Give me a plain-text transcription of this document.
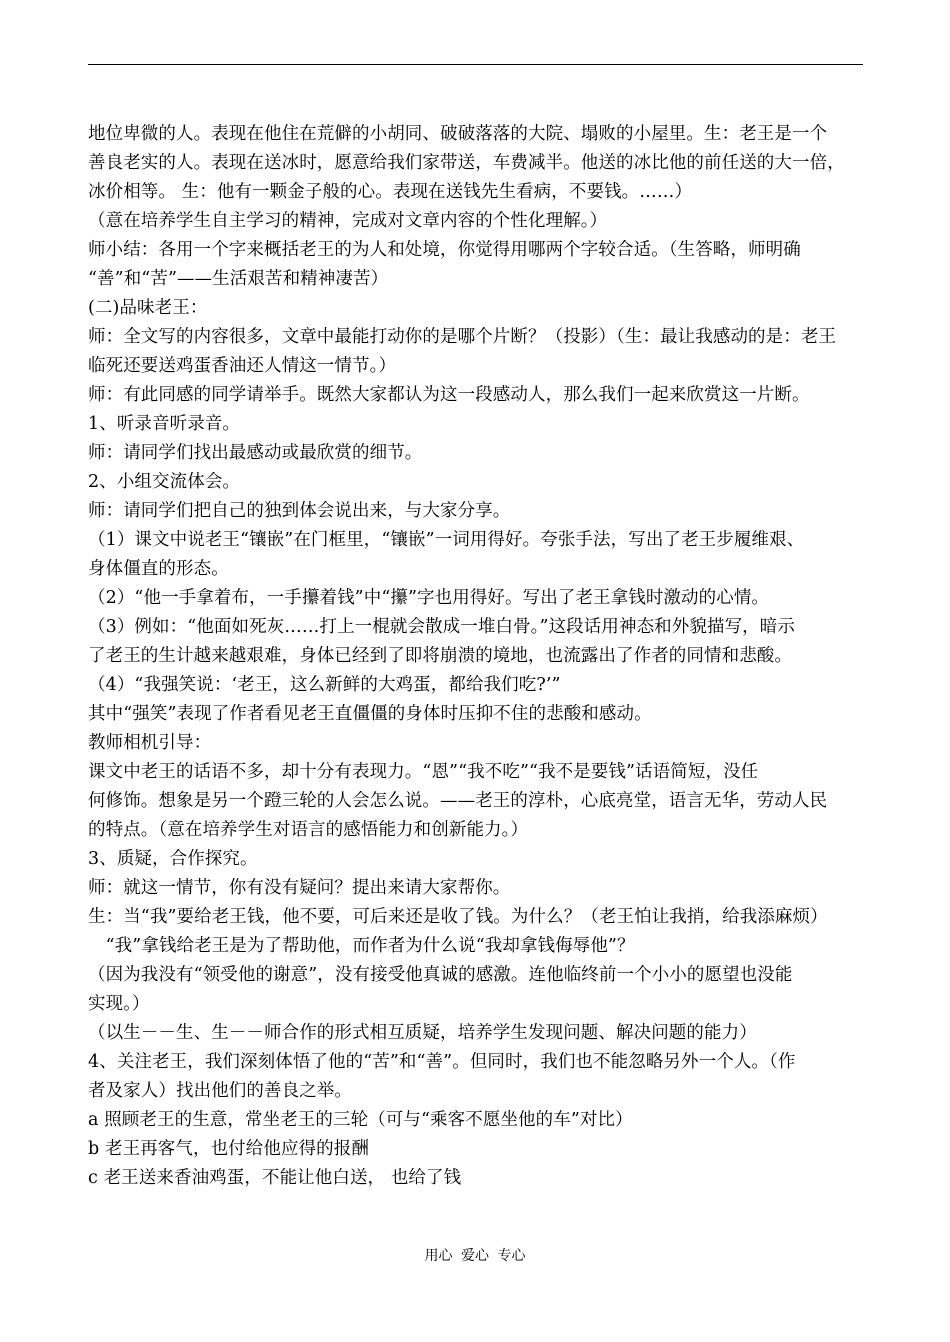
地位卑微的人。表现在他住在荒僻的小胡同、破破落落的大院、塌败的小屋里。生：老王是一个
善良老实的人。表现在送冰时，愿意给我们家带送，车费减半。他送的冰比他的前任送的大一倍，
冰价相等。 生：他有一颗金子般的心。表现在送钱先生看病，不要钱。……）
（意在培养学生自主学习的精神，完成对文章内容的个性化理解。）
师小结：各用一个字来概括老王的为人和处境，你觉得用哪两个字较合适。（生答略，师明确
“善”和“苦”——生活艰苦和精神凄苦）
(二)品味老王：
师：全文写的内容很多，文章中最能打动你的是哪个片断？（投影）（生：最让我感动的是：老王
临死还要送鸡蛋香油还人情这一情节。）
师：有此同感的同学请举手。既然大家都认为这一段感动人，那么我们一起来欣赏这一片断。
1、听录音听录音。
师：请同学们找出最感动或最欣赏的细节。
2、小组交流体会。
师：请同学们把自己的独到体会说出来，与大家分享。
（1）课文中说老王“镶嵌”在门框里，“镶嵌”一词用得好。夸张手法，写出了老王步履维艰、
身体僵直的形态。
（2）“他一手拿着布，一手攥着钱”中“攥”字也用得好。写出了老王拿钱时激动的心情。
（3）例如：“他面如死灰……打上一棍就会散成一堆白骨。”这段话用神态和外貌描写，暗示
了老王的生计越来越艰难，身体已经到了即将崩溃的境地，也流露出了作者的同情和悲酸。
（4）“我强笑说：‘老王，这么新鲜的大鸡蛋，都给我们吃?’”
其中“强笑”表现了作者看见老王直僵僵的身体时压抑不住的悲酸和感动。
教师相机引导：
课文中老王的话语不多，却十分有表现力。“恩”“我不吃”“我不是要钱”话语简短，没任
何修饰。想象是另一个蹬三轮的人会怎么说。——老王的淳朴，心底亮堂，语言无华，劳动人民
的特点。（意在培养学生对语言的感悟能力和创新能力。）
3、质疑，合作探究。
师：就这一情节，你有没有疑问？提出来请大家帮你。
生：当“我”要给老王钱，他不要，可后来还是收了钱。为什么？（老王怕让我捎，给我添麻烦）
　“我”拿钱给老王是为了帮助他，而作者为什么说“我却拿钱侮辱他”？
（因为我没有“领受他的谢意”，没有接受他真诚的感激。连他临终前一个小小的愿望也没能
实现。）
（以生－－生、生－－师合作的形式相互质疑，培养学生发现问题、解决问题的能力）
4、关注老王，我们深刻体悟了他的“苦”和“善”。但同时，我们也不能忽略另外一个人。（作
者及家人）找出他们的善良之举。
a 照顾老王的生意，常坐老王的三轮（可与“乘客不愿坐他的车”对比）
b 老王再客气，也付给他应得的报酬
c 老王送来香油鸡蛋，不能让他白送， 也给了钱
用心 爱心 专心
